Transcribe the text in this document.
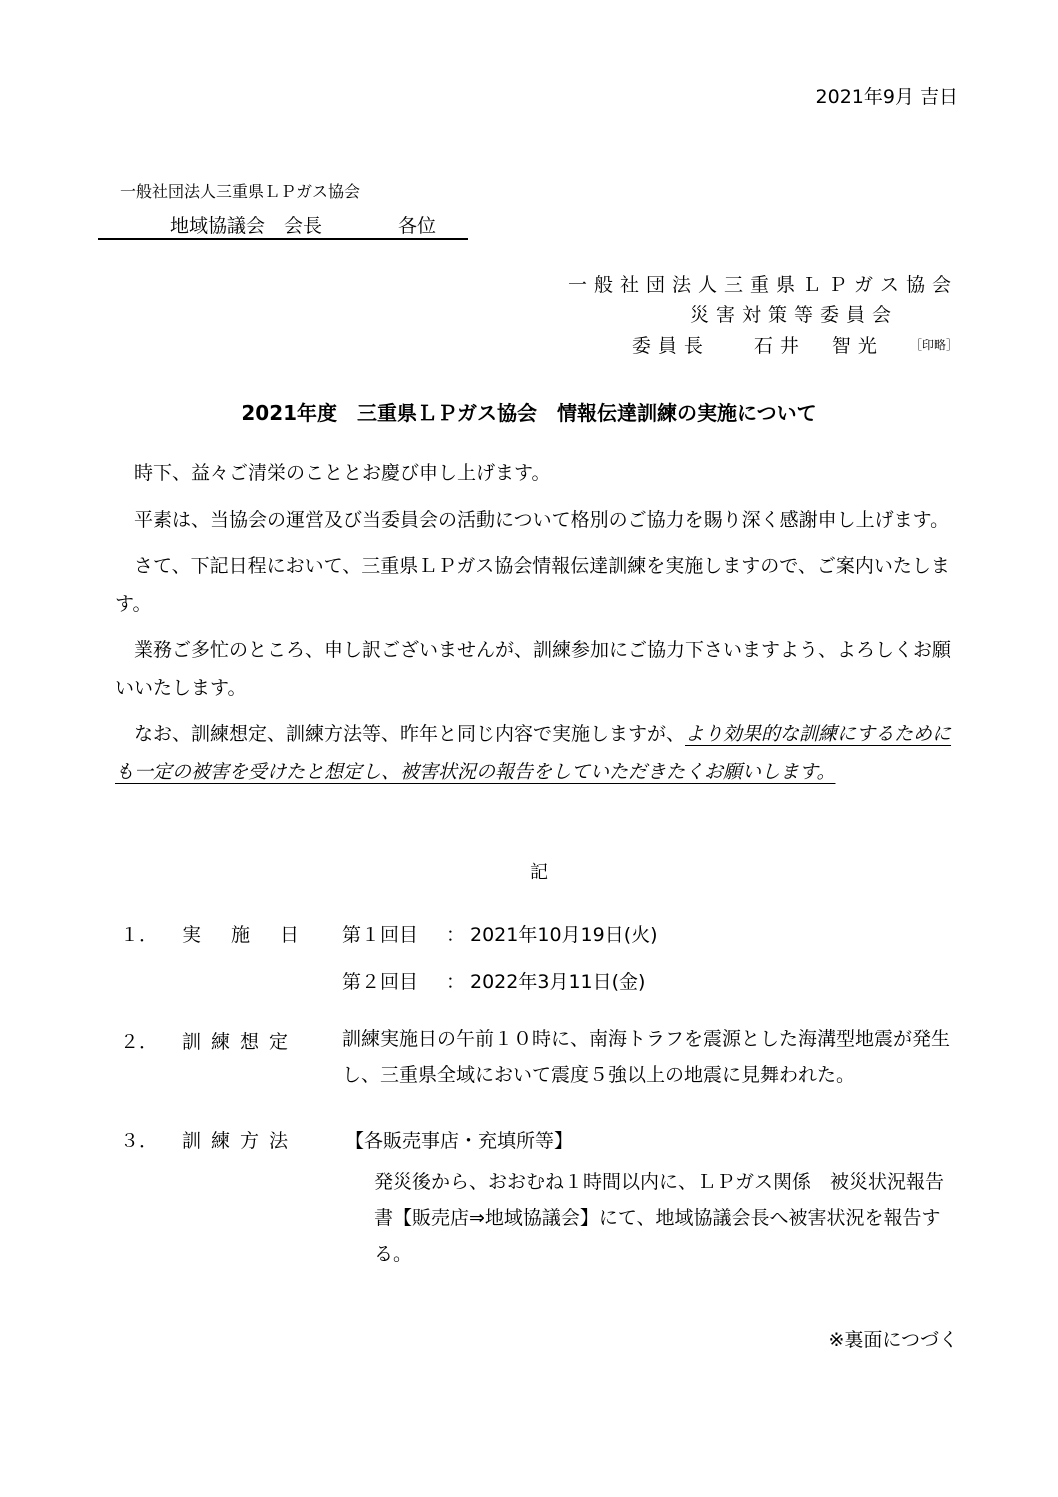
2021年9月 吉日
一般社団法人三重県ＬＰガス協会
地域協議会　会長	各位
一般社団法人三重県ＬＰガス協会
災害対策等委員会
委員長 石井　智光 ［印略］
2021年度　三重県ＬＰガス協会　情報伝達訓練の実施について

時下、益々ご清栄のこととお慶び申し上げます。

平素は、当協会の運営及び当委員会の活動について格別のご協力を賜り深く感謝申し上げます。

さて、下記日程において、三重県ＬＰガス協会情報伝達訓練を実施しますので、ご案内いたします。

業務ご多忙のところ、申し訳ございませんが、訓練参加にご協力下さいますよう、よろしくお願いいたします。

なお、訓練想定、訓練方法等、昨年と同じ内容で実施しますが、より効果的な訓練にするためにも一定の被害を受けたと想定し、被害状況の報告をしていただきたくお願いします。

記
１． 実施日 第１回目 ： 2021年10月19日(火)
第２回目 ： 2022年3月11日(金)
２． 訓練想定 訓練実施日の午前１０時に、南海トラフを震源とした海溝型地震が発生し、三重県全域において震度５強以上の地震に見舞われた。
３． 訓練方法 【各販売事店・充填所等】
発災後から、おおむね１時間以内に、ＬＰガス関係　被災状況報告書【販売店⇒地域協議会】にて、地域協議会長へ被害状況を報告する。
※裏面につづく
